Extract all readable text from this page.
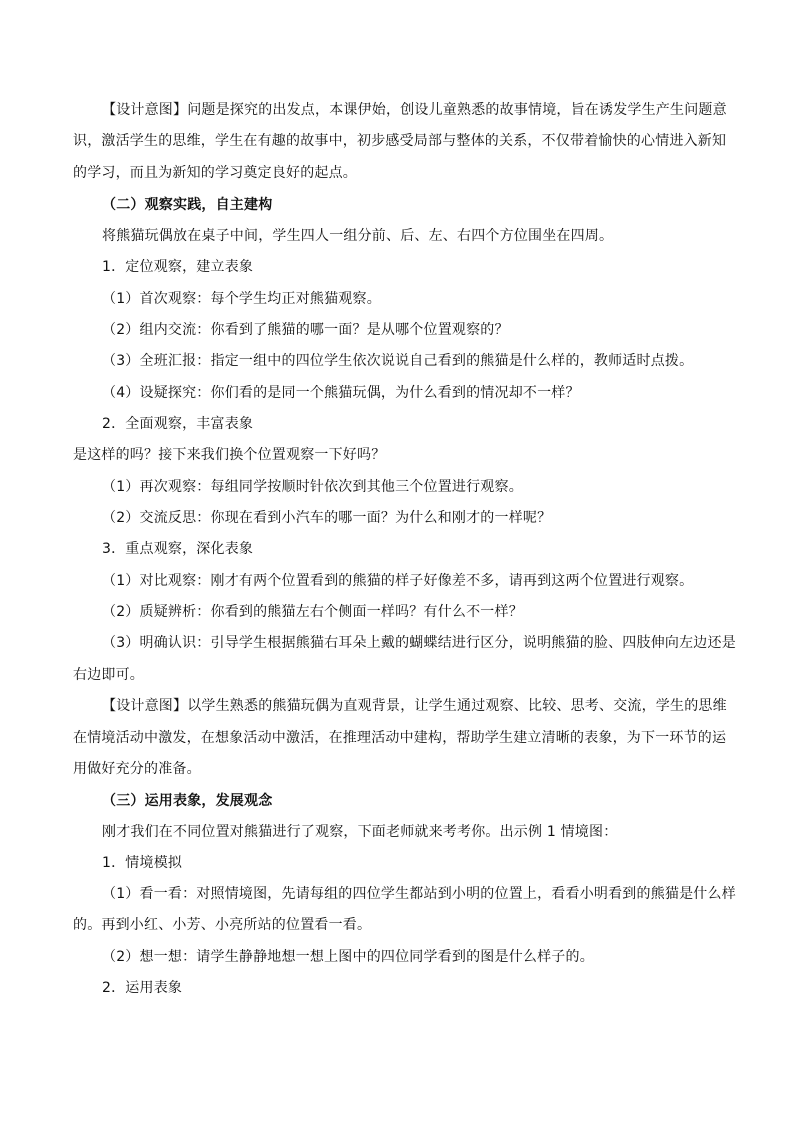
【设计意图】问题是探究的出发点，本课伊始，创设儿童熟悉的故事情境，旨在诱发学生产生问题意
识，激活学生的思维，学生在有趣的故事中，初步感受局部与整体的关系，不仅带着愉快的心情进入新知
的学习，而且为新知的学习奠定良好的起点。
（二）观察实践，自主建构
将熊猫玩偶放在桌子中间，学生四人一组分前、后、左、右四个方位围坐在四周。
1．定位观察，建立表象
（1）首次观察：每个学生均正对熊猫观察。
（2）组内交流：你看到了熊猫的哪一面？是从哪个位置观察的？
（3）全班汇报：指定一组中的四位学生依次说说自己看到的熊猫是什么样的，教师适时点拨。
（4）设疑探究：你们看的是同一个熊猫玩偶，为什么看到的情况却不一样？
2．全面观察，丰富表象
是这样的吗？接下来我们换个位置观察一下好吗？
（1）再次观察：每组同学按顺时针依次到其他三个位置进行观察。
（2）交流反思：你现在看到小汽车的哪一面？为什么和刚才的一样呢？
3．重点观察，深化表象
（1）对比观察：刚才有两个位置看到的熊猫的样子好像差不多，请再到这两个位置进行观察。
（2）质疑辨析：你看到的熊猫左右个侧面一样吗？有什么不一样？
（3）明确认识：引导学生根据熊猫右耳朵上戴的蝴蝶结进行区分，说明熊猫的脸、四肢伸向左边还是
右边即可。
【设计意图】以学生熟悉的熊猫玩偶为直观背景，让学生通过观察、比较、思考、交流，学生的思维
在情境活动中激发，在想象活动中激活，在推理活动中建构，帮助学生建立清晰的表象，为下一环节的运
用做好充分的准备。
（三）运用表象，发展观念
刚才我们在不同位置对熊猫进行了观察，下面老师就来考考你。出示例 1 情境图：
1．情境模拟
（1）看一看：对照情境图，先请每组的四位学生都站到小明的位置上，看看小明看到的熊猫是什么样
的。再到小红、小芳、小亮所站的位置看一看。
（2）想一想：请学生静静地想一想上图中的四位同学看到的图是什么样子的。
2．运用表象
